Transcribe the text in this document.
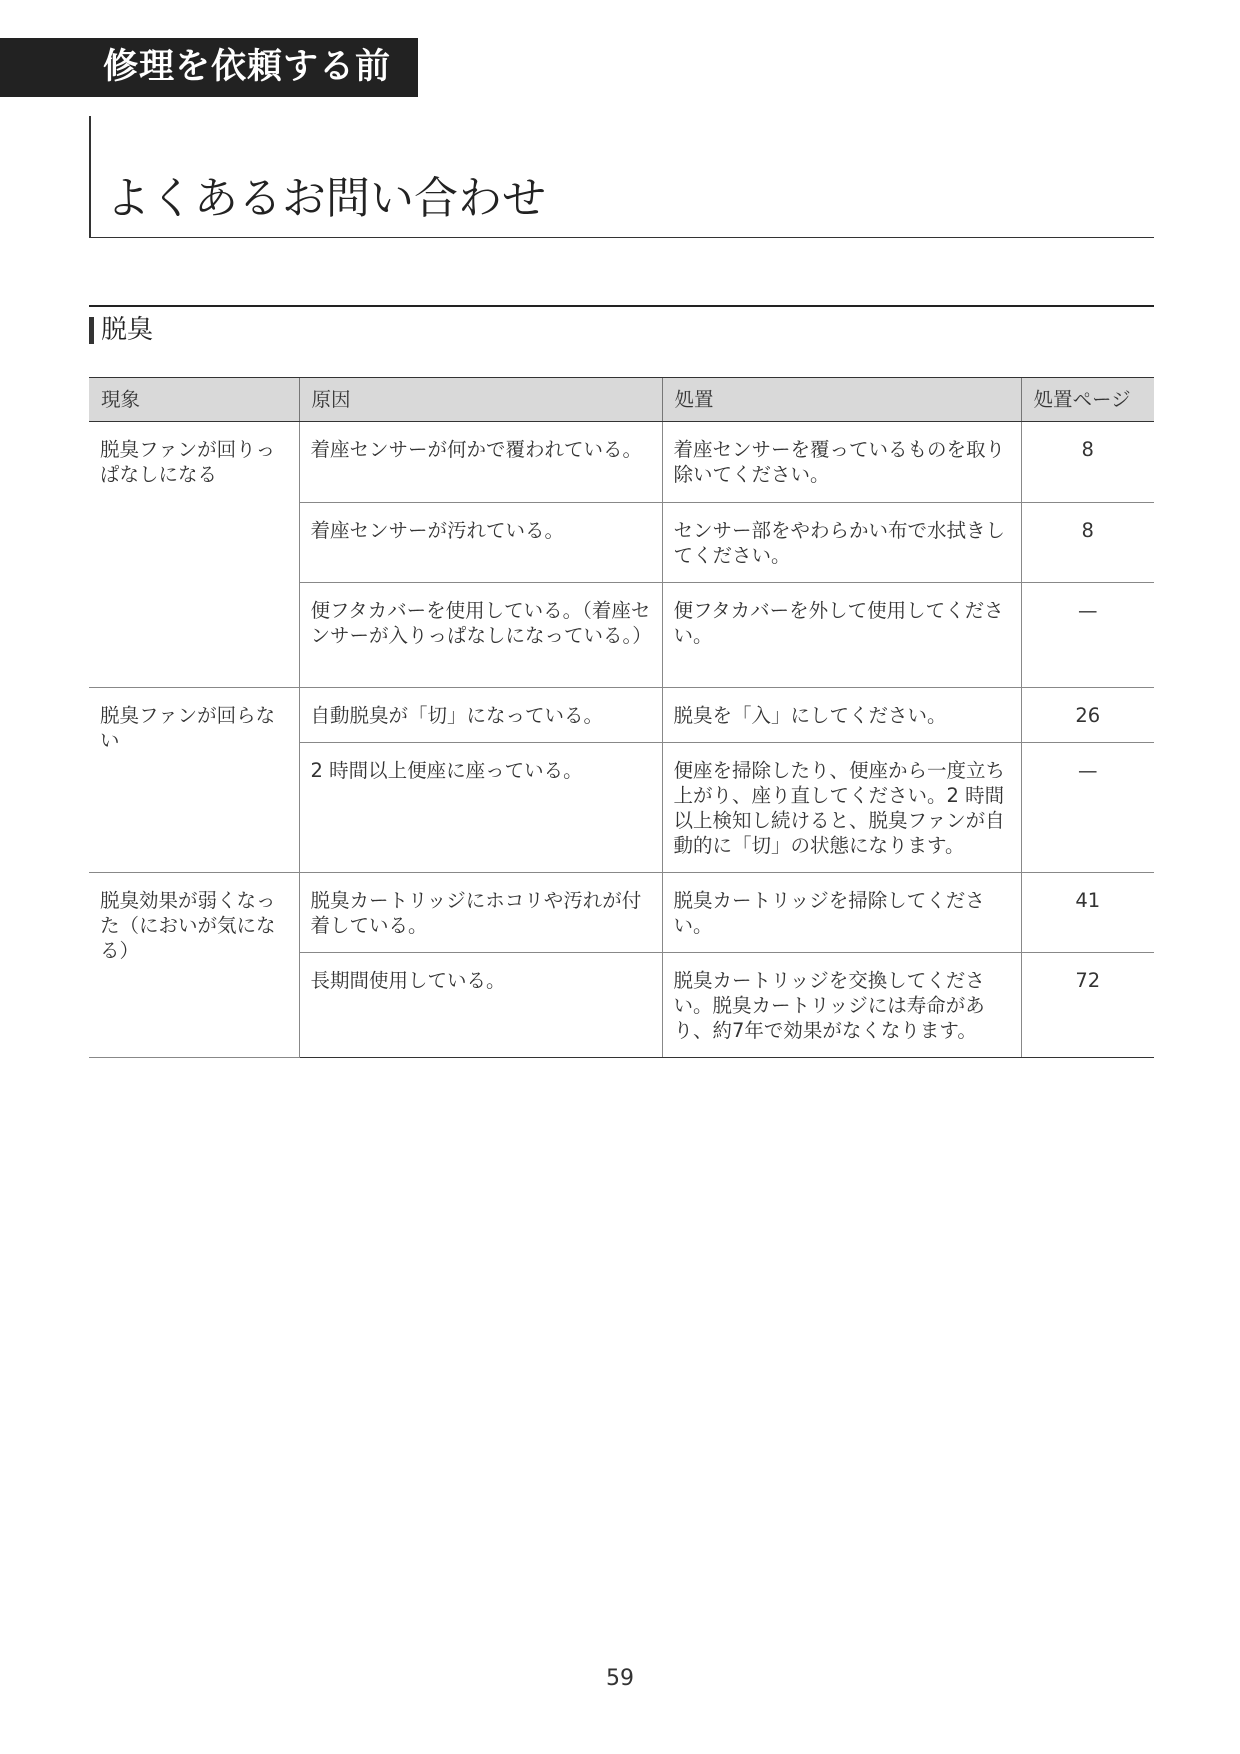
修理を依頼する前に
よくあるお問い合わせ
脱臭
現象	原因	処置	処置ページ
脱臭ファンが回りっぱなしになる	着座センサーが何かで覆われている。	着座センサーを覆っているものを取り除いてください。	8
	着座センサーが汚れている。	センサー部をやわらかい布で水拭きしてください。	8
	便フタカバーを使用している。（着座センサーが入りっぱなしになっている。）	便フタカバーを外して使用してください。	—
脱臭ファンが回らない	自動脱臭が「切」になっている。	脱臭を「入」にしてください。	26
	2 時間以上便座に座っている。	便座を掃除したり、便座から一度立ち上がり、座り直してください。2 時間以上検知し続けると、脱臭ファンが自動的に「切」の状態になります。	—
脱臭効果が弱くなった（においが気になる）	脱臭カートリッジにホコリや汚れが付着している。	脱臭カートリッジを掃除してください。	41
	長期間使用している。	脱臭カートリッジを交換してください。脱臭カートリッジには寿命があり、約7年で効果がなくなります。	72
59
